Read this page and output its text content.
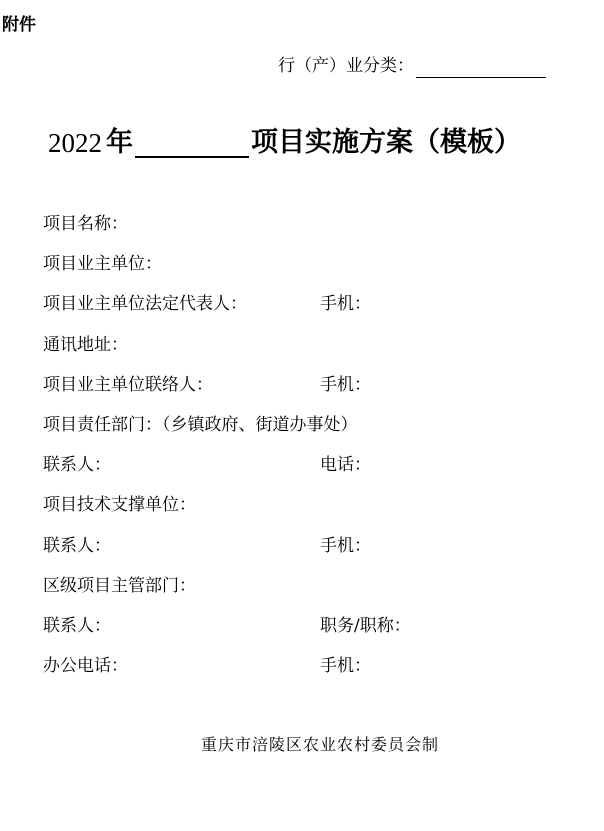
附件
行（产）业分类：
2022 年	项目实施方案（模板）
项目名称：
项目业主单位：
项目业主单位法定代表人：	手机：
通讯地址：
项目业主单位联络人：	手机：
项目责任部门：（乡镇政府、街道办事处）
联系人：	电话：
项目技术支撑单位：
联系人：	手机：
区级项目主管部门：
联系人：	职务/职称：
办公电话：	手机：
重庆市涪陵区农业农村委员会制
